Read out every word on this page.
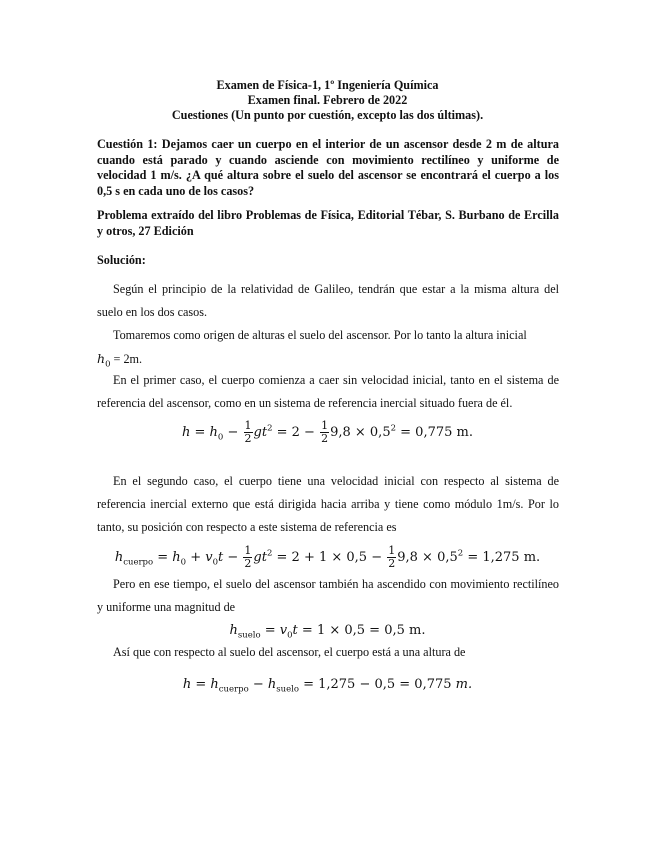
Examen de Física-1, 1º Ingeniería Química
Examen final. Febrero de 2022
Cuestiones (Un punto por cuestión, excepto las dos últimas).
Cuestión 1: Dejamos caer un cuerpo en el interior de un ascensor desde 2 m de altura cuando está parado y cuando asciende con movimiento rectilíneo y uniforme de velocidad 1 m/s. ¿A qué altura sobre el suelo del ascensor se encontrará el cuerpo a los 0,5 s en cada uno de los casos?
Problema extraído del libro Problemas de Física, Editorial Tébar, S. Burbano de Ercilla y otros, 27 Edición
Solución:
Según el principio de la relatividad de Galileo, tendrán que estar a la misma altura del suelo en los dos casos.
Tomaremos como origen de alturas el suelo del ascensor. Por lo tanto la altura inicial
$h_0 = 2m$.
En el primer caso, el cuerpo comienza a caer sin velocidad inicial, tanto en el sistema de referencia del ascensor, como en un sistema de referencia inercial situado fuera de él.
$h = h_0 - \frac{1}{2} gt^2 = 2 - \frac{1}{2} 9,8 \times 0,5^2 = 0,775$ m.
En el segundo caso, el cuerpo tiene una velocidad inicial con respecto al sistema de referencia inercial externo que está dirigida hacia arriba y tiene como módulo 1m/s. Por lo tanto, su posición con respecto a este sistema de referencia es
$h_{cuerpo} = h_0 + v_0t - \frac{1}{2} gt^2 = 2 + 1 \times 0,5 - \frac{1}{2} 9,8 \times 0,5^2 = 1,275$ m.
Pero en ese tiempo, el suelo del ascensor también ha ascendido con movimiento rectilíneo y uniforme una magnitud de
$h_{suelo} = v_0t = 1 \times 0,5 = 0,5$ m.
Así que con respecto al suelo del ascensor, el cuerpo está a una altura de
$h = h_{cuerpo} - h_{suelo} = 1,275 - 0,5 = 0,775$ m.
